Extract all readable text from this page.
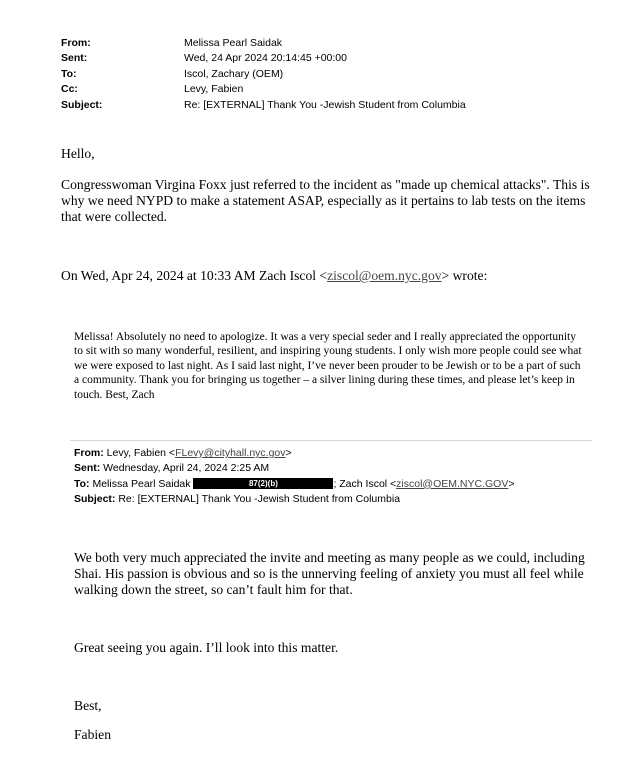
From:	Melissa Pearl Saidak
Sent:	Wed, 24 Apr 2024 20:14:45 +00:00
To:	Iscol, Zachary (OEM)
Cc:	Levy, Fabien
Subject:	Re: [EXTERNAL] Thank You -Jewish Student from Columbia
Hello,
Congresswoman Virgina Foxx just referred to the incident as "made up chemical attacks". This is why we need NYPD to make a statement ASAP, especially as it pertains to lab tests on the items that were collected.
On Wed, Apr 24, 2024 at 10:33 AM Zach Iscol <ziscol@oem.nyc.gov> wrote:
Melissa! Absolutely no need to apologize. It was a very special seder and I really appreciated the opportunity to sit with so many wonderful, resilient, and inspiring young students. I only wish more people could see what we were exposed to last night. As I said last night, I’ve never been prouder to be Jewish or to be a part of such a community. Thank you for bringing us together – a silver lining during these times, and please let’s keep in touch. Best, Zach
From: Levy, Fabien <FLevy@cityhall.nyc.gov>
Sent: Wednesday, April 24, 2024 2:25 AM
To: Melissa Pearl Saidak	87(2)(b)	; Zach Iscol <ziscol@OEM.NYC.GOV>
Subject: Re: [EXTERNAL] Thank You -Jewish Student from Columbia
We both very much appreciated the invite and meeting as many people as we could, including Shai. His passion is obvious and so is the unnerving feeling of anxiety you must all feel while walking down the street, so can’t fault him for that.
Great seeing you again. I’ll look into this matter.
Best,
Fabien
